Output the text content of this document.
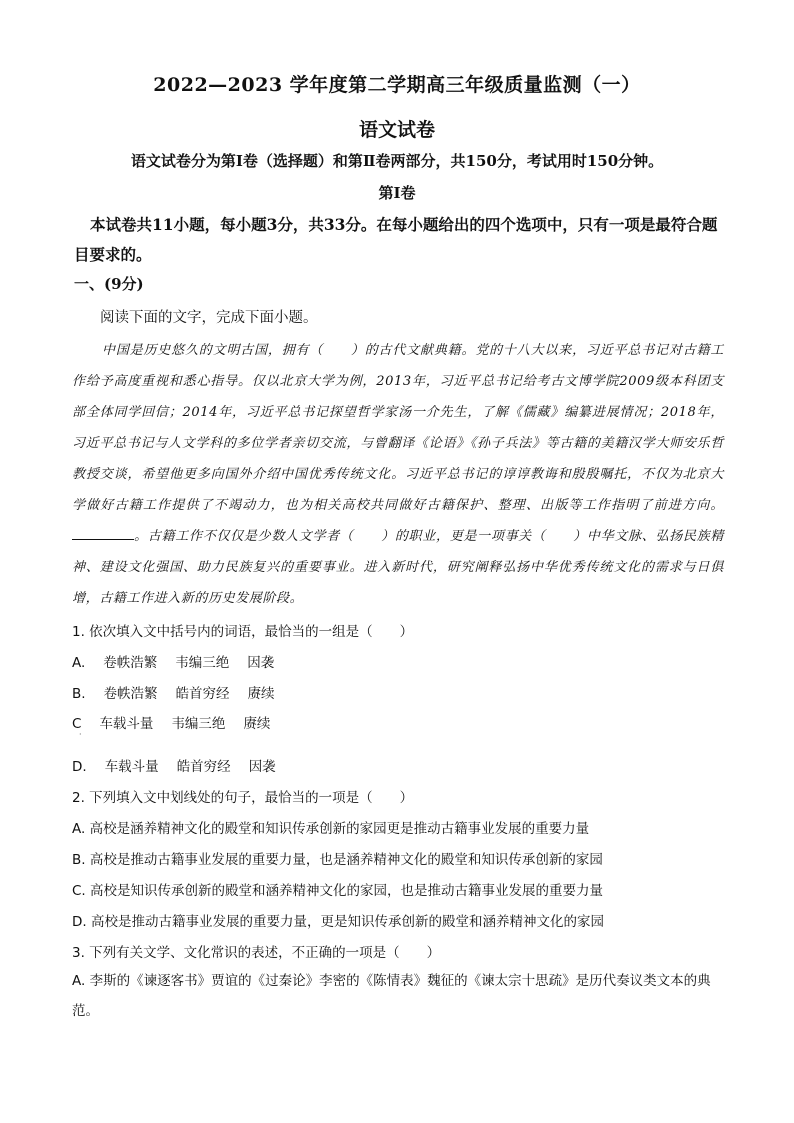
2022—2023 学年度第二学期高三年级质量监测（一）
语文试卷
语文试卷分为第Ⅰ卷（选择题）和第Ⅱ卷两部分，共150分，考试用时150分钟。
第Ⅰ卷
本试卷共11小题，每小题3分，共33分。在每小题给出的四个选项中，只有一项是最符合题目要求的。
一、(9分)
阅读下面的文字，完成下面小题。
中国是历史悠久的文明古国，拥有（　　）的古代文献典籍。党的十八大以来，习近平总书记对古籍工作给予高度重视和悉心指导。仅以北京大学为例，2013年，习近平总书记给考古文博学院2009级本科团支部全体同学回信；2014年，习近平总书记探望哲学家汤一介先生，了解《儒藏》编纂进展情况；2018年，习近平总书记与人文学科的多位学者亲切交流，与曾翻译《论语》《孙子兵法》等古籍的美籍汉学大师安乐哲教授交谈，希望他更多向国外介绍中国优秀传统文化。习近平总书记的谆谆教诲和殷殷嘱托，不仅为北京大学做好古籍工作提供了不竭动力，也为相关高校共同做好古籍保护、整理、出版等工作指明了前进方向。。古籍工作不仅仅是少数人文学者（　　）的职业，更是一项事关（　　）中华文脉、弘扬民族精神、建设文化强国、助力民族复兴的重要事业。进入新时代，研究阐释弘扬中华优秀传统文化的需求与日俱增，古籍工作进入新的历史发展阶段。
1. 依次填入文中括号内的词语，最恰当的一组是（　　）
A. 卷帙浩繁 韦编三绝 因袭
B. 卷帙浩繁 皓首穷经 赓续
C 车载斗量 韦编三绝 赓续
·
D. 车载斗量 皓首穷经 因袭
2. 下列填入文中划线处的句子，最恰当的一项是（　　）
A. 高校是涵养精神文化的殿堂和知识传承创新的家园更是推动古籍事业发展的重要力量
B. 高校是推动古籍事业发展的重要力量，也是涵养精神文化的殿堂和知识传承创新的家园
C. 高校是知识传承创新的殿堂和涵养精神文化的家园，也是推动古籍事业发展的重要力量
D. 高校是推动古籍事业发展的重要力量，更是知识传承创新的殿堂和涵养精神文化的家园
3. 下列有关文学、文化常识的表述，不正确的一项是（　　）
A. 李斯的《谏逐客书》贾谊的《过秦论》李密的《陈情表》魏征的《谏太宗十思疏》是历代奏议类文本的典范。
